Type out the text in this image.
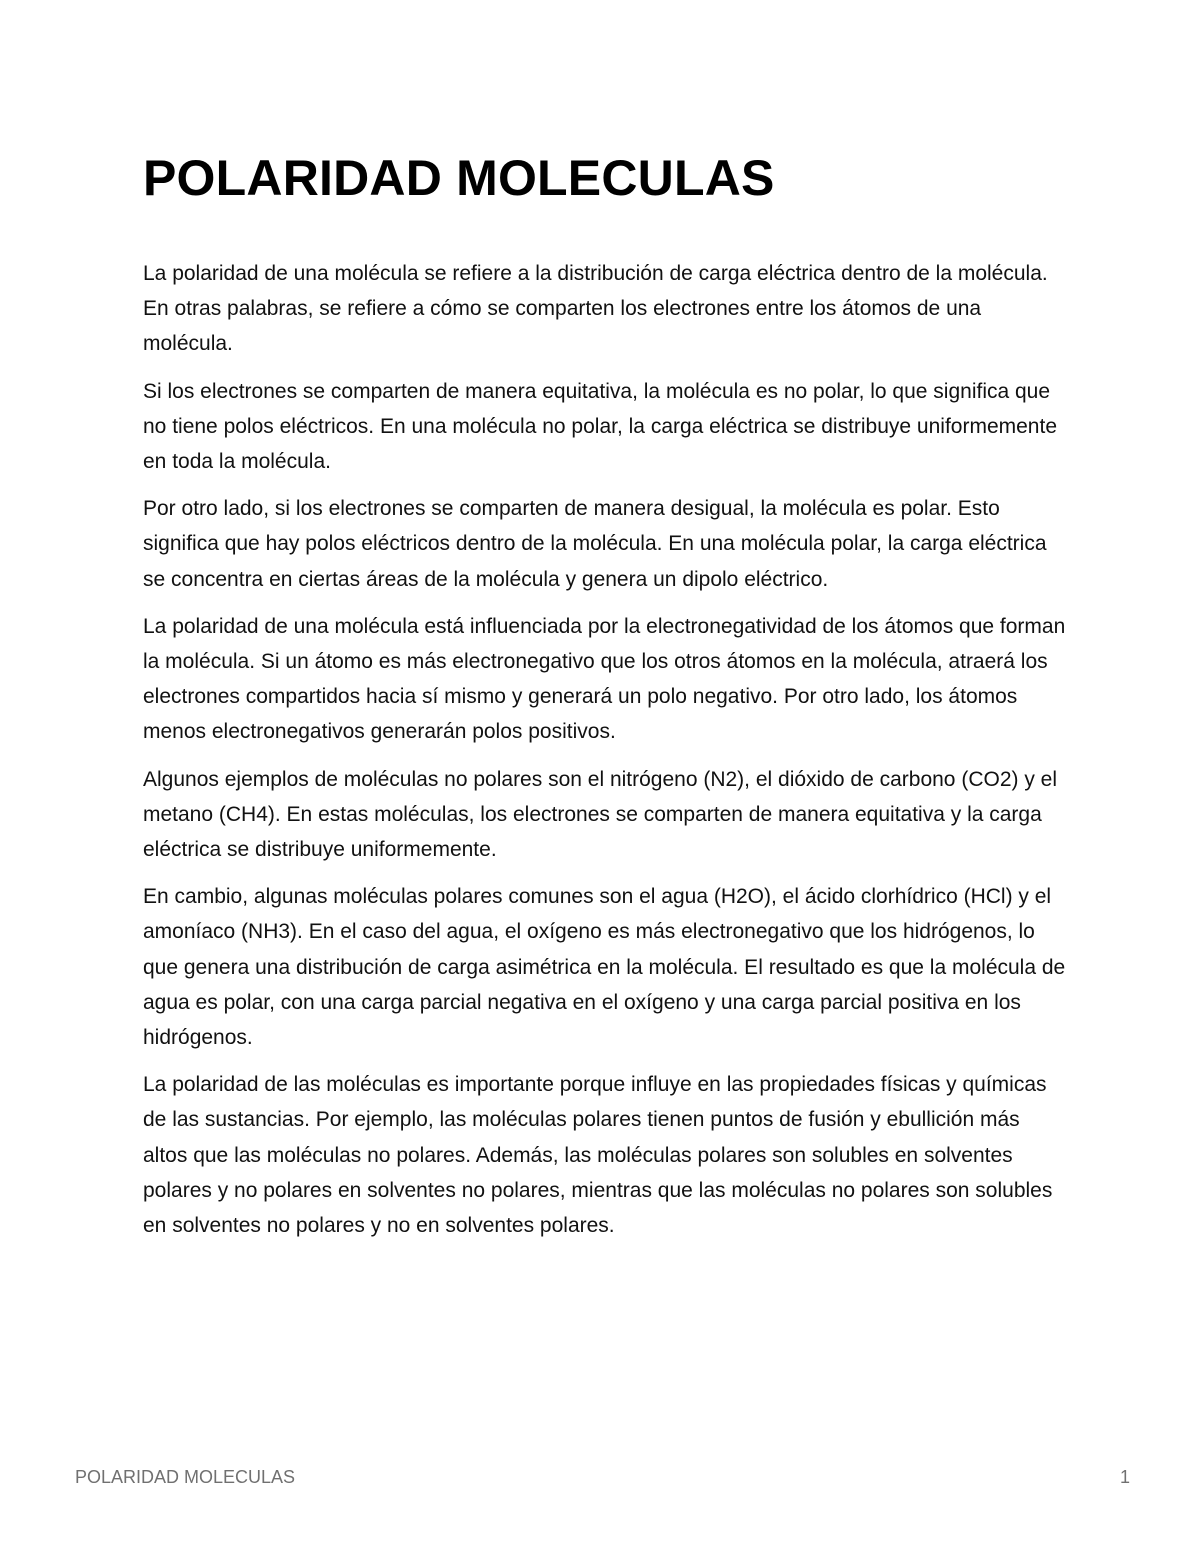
POLARIDAD MOLECULAS

La polaridad de una molécula se refiere a la distribución de carga eléctrica dentro de la molécula. En otras palabras, se refiere a cómo se comparten los electrones entre los átomos de una molécula.

Si los electrones se comparten de manera equitativa, la molécula es no polar, lo que significa que no tiene polos eléctricos. En una molécula no polar, la carga eléctrica se distribuye uniformemente en toda la molécula.

Por otro lado, si los electrones se comparten de manera desigual, la molécula es polar. Esto significa que hay polos eléctricos dentro de la molécula. En una molécula polar, la carga eléctrica se concentra en ciertas áreas de la molécula y genera un dipolo eléctrico.

La polaridad de una molécula está influenciada por la electronegatividad de los átomos que forman la molécula. Si un átomo es más electronegativo que los otros átomos en la molécula, atraerá los electrones compartidos hacia sí mismo y generará un polo negativo. Por otro lado, los átomos menos electronegativos generarán polos positivos.

Algunos ejemplos de moléculas no polares son el nitrógeno (N2), el dióxido de carbono (CO2) y el metano (CH4). En estas moléculas, los electrones se comparten de manera equitativa y la carga eléctrica se distribuye uniformemente.

En cambio, algunas moléculas polares comunes son el agua (H2O), el ácido clorhídrico (HCl) y el amoníaco (NH3). En el caso del agua, el oxígeno es más electronegativo que los hidrógenos, lo que genera una distribución de carga asimétrica en la molécula. El resultado es que la molécula de agua es polar, con una carga parcial negativa en el oxígeno y una carga parcial positiva en los hidrógenos.

La polaridad de las moléculas es importante porque influye en las propiedades físicas y químicas de las sustancias. Por ejemplo, las moléculas polares tienen puntos de fusión y ebullición más altos que las moléculas no polares. Además, las moléculas polares son solubles en solventes polares y no polares en solventes no polares, mientras que las moléculas no polares son solubles en solventes no polares y no en solventes polares.

POLARIDAD MOLECULAS	1
